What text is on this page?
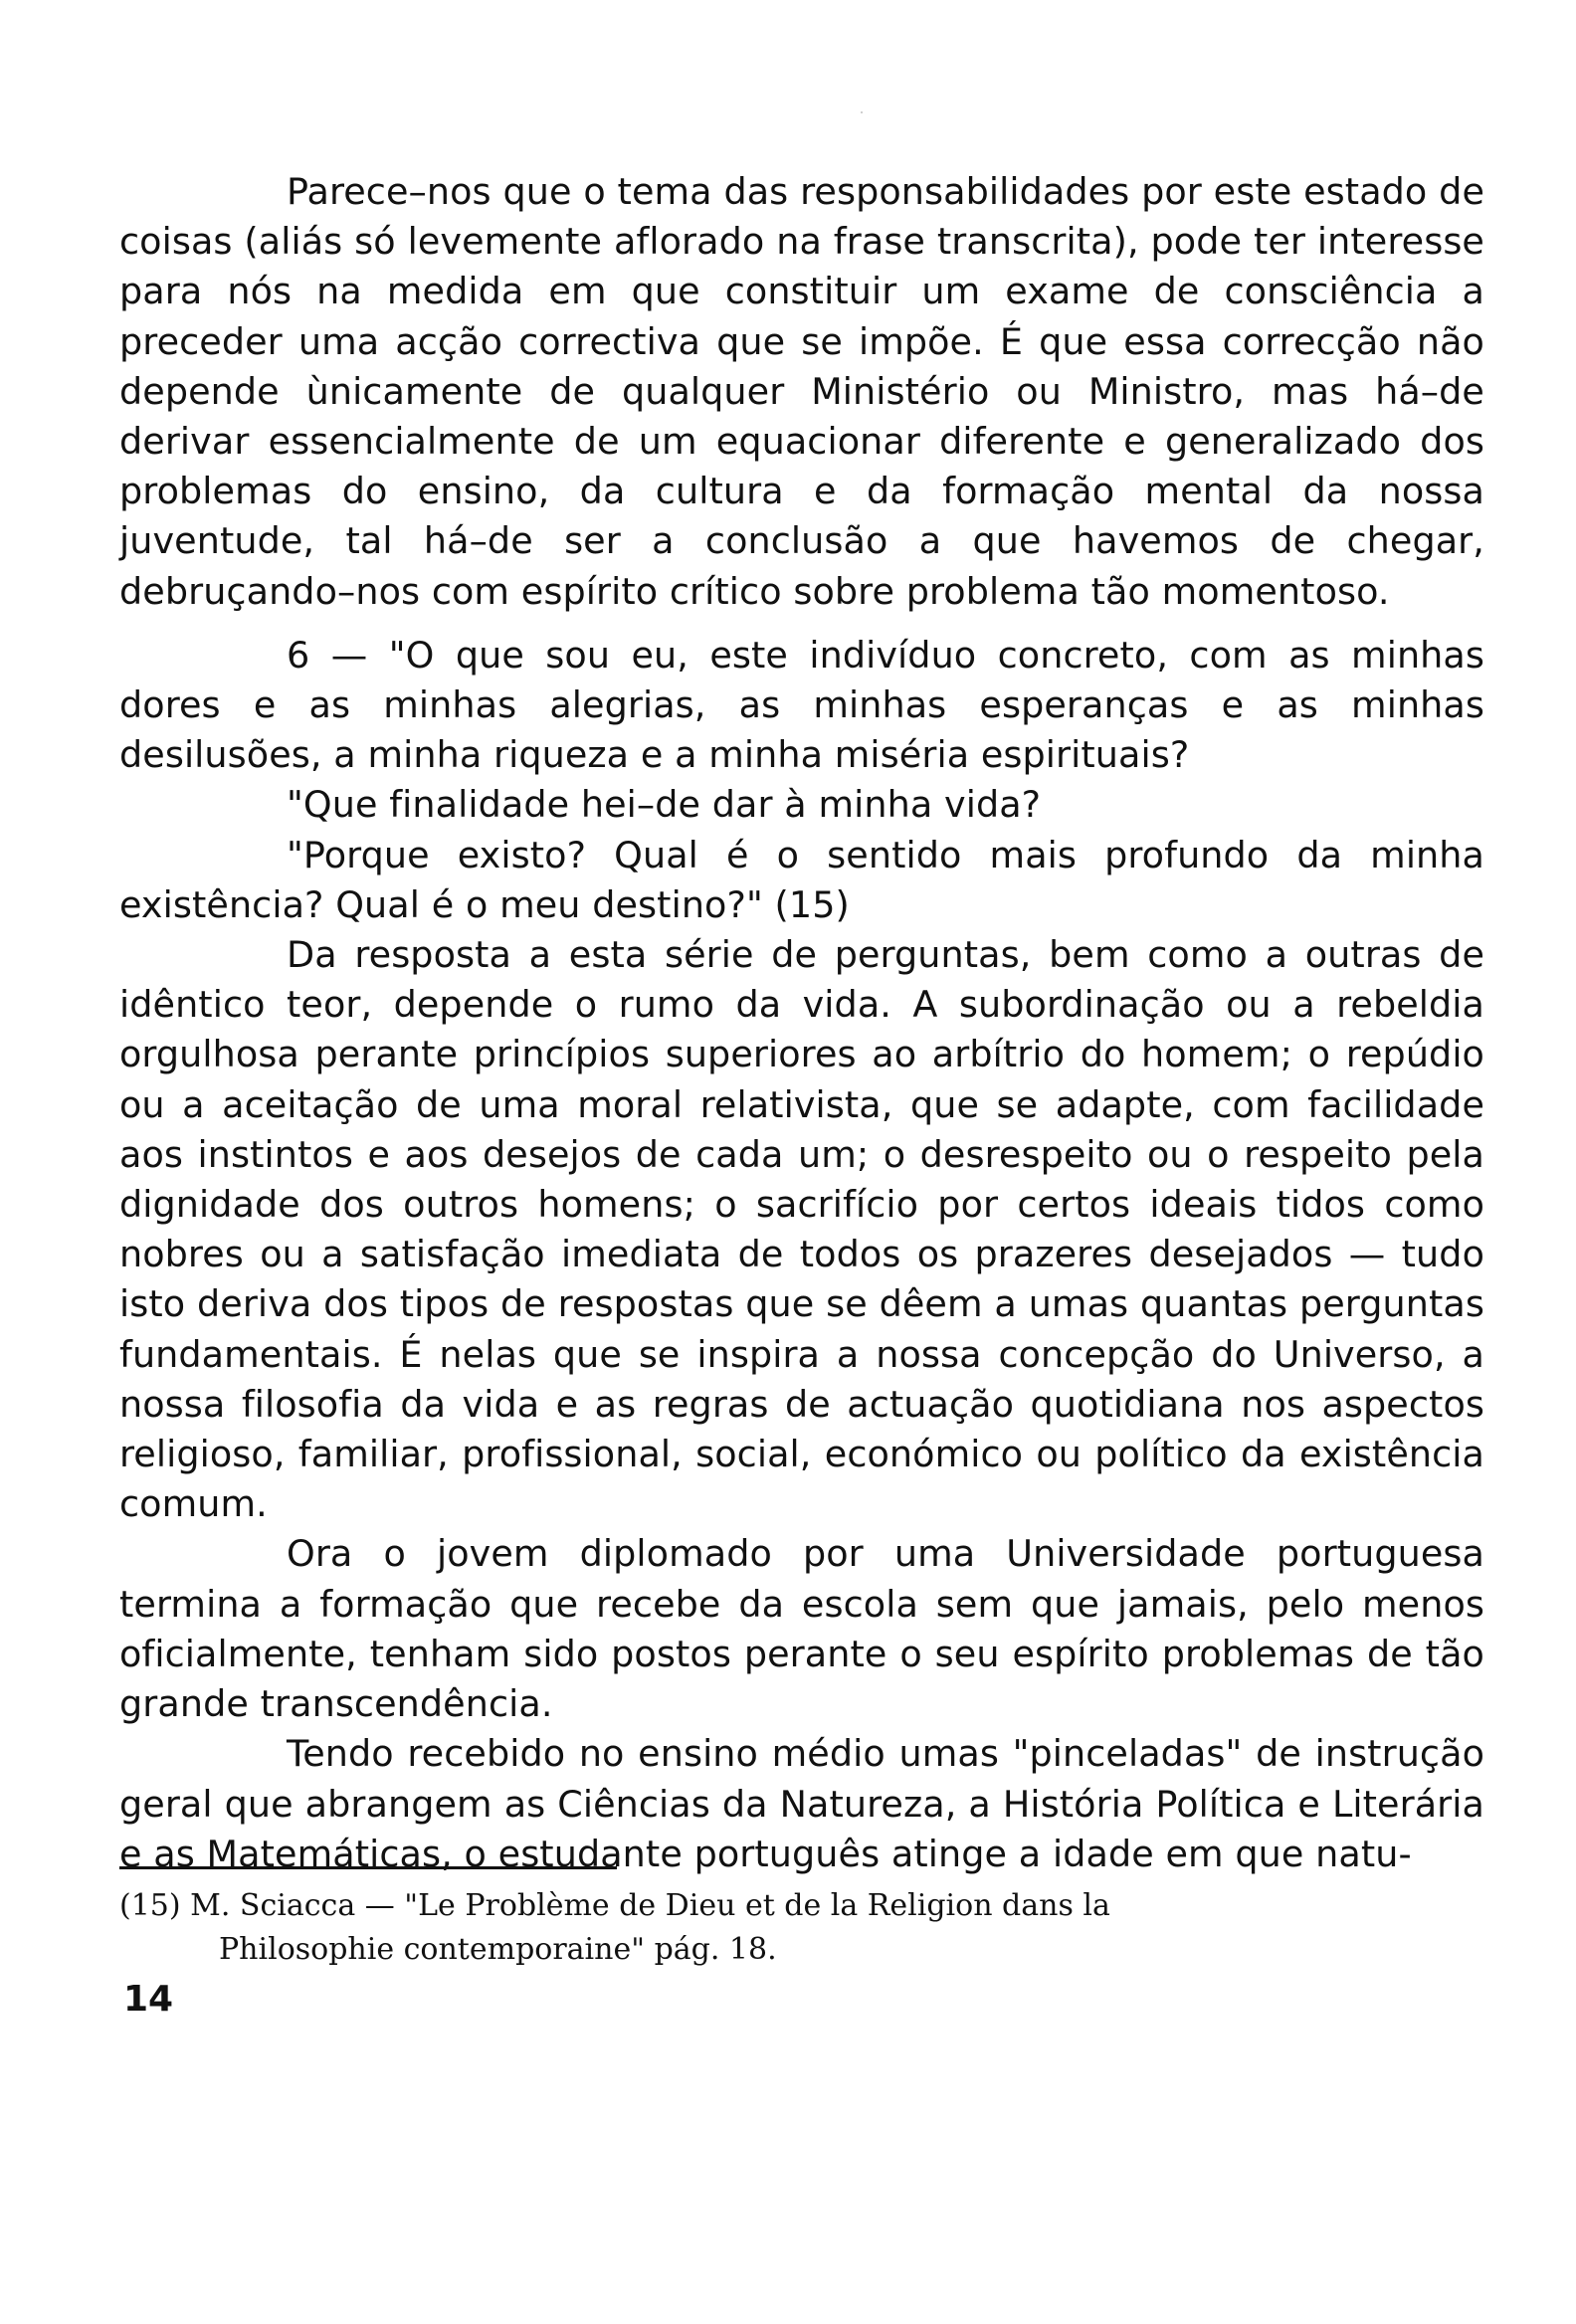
Parece–nos que o tema das responsabilidades por este estado de coisas (aliás só levemente aflorado na frase transcrita), pode ter interesse para nós na medida em que constituir um exame de consciência a preceder uma acção correctiva que se impõe. É que essa correcção não depende ùnicamente de qualquer Ministério ou Ministro, mas há–de derivar essencialmente de um equacionar diferente e generalizado dos problemas do ensino, da cultura e da formação mental da nossa juventude, tal há–de ser a conclusão a que havemos de chegar, debruçando–nos com espírito crítico sobre problema tão momentoso.

6 — "O que sou eu, este indivíduo concreto, com as minhas dores e as minhas alegrias, as minhas esperanças e as minhas desilusões, a minha riqueza e a minha miséria espirituais?

"Que finalidade hei–de dar à minha vida?

"Porque existo? Qual é o sentido mais profundo da minha existência? Qual é o meu destino?" (15)

Da resposta a esta série de perguntas, bem como a outras de idêntico teor, depende o rumo da vida. A subordinação ou a rebeldia orgulhosa perante princípios superiores ao arbítrio do homem; o repúdio ou a aceitação de uma moral relativista, que se adapte, com facilidade aos instintos e aos desejos de cada um; o desrespeito ou o respeito pela dignidade dos outros homens; o sacrifício por certos ideais tidos como nobres ou a satisfação imediata de todos os prazeres desejados — tudo isto deriva dos tipos de respostas que se dêem a umas quantas perguntas fundamentais. É nelas que se inspira a nossa concepção do Universo, a nossa filosofia da vida e as regras de actuação quotidiana nos aspectos religioso, familiar, profissional, social, económico ou político da existência comum.

Ora o jovem diplomado por uma Universidade portuguesa termina a formação que recebe da escola sem que jamais, pelo menos oficialmente, tenham sido postos perante o seu espírito problemas de tão grande transcendência.

Tendo recebido no ensino médio umas "pinceladas" de instrução geral que abrangem as Ciências da Natureza, a História Política e Literária e as Matemáticas, o estudante português atinge a idade em que natu-

(15) M. Sciacca — "Le Problème de Dieu et de la Religion dans la
Philosophie contemporaine" pág. 18.
14
